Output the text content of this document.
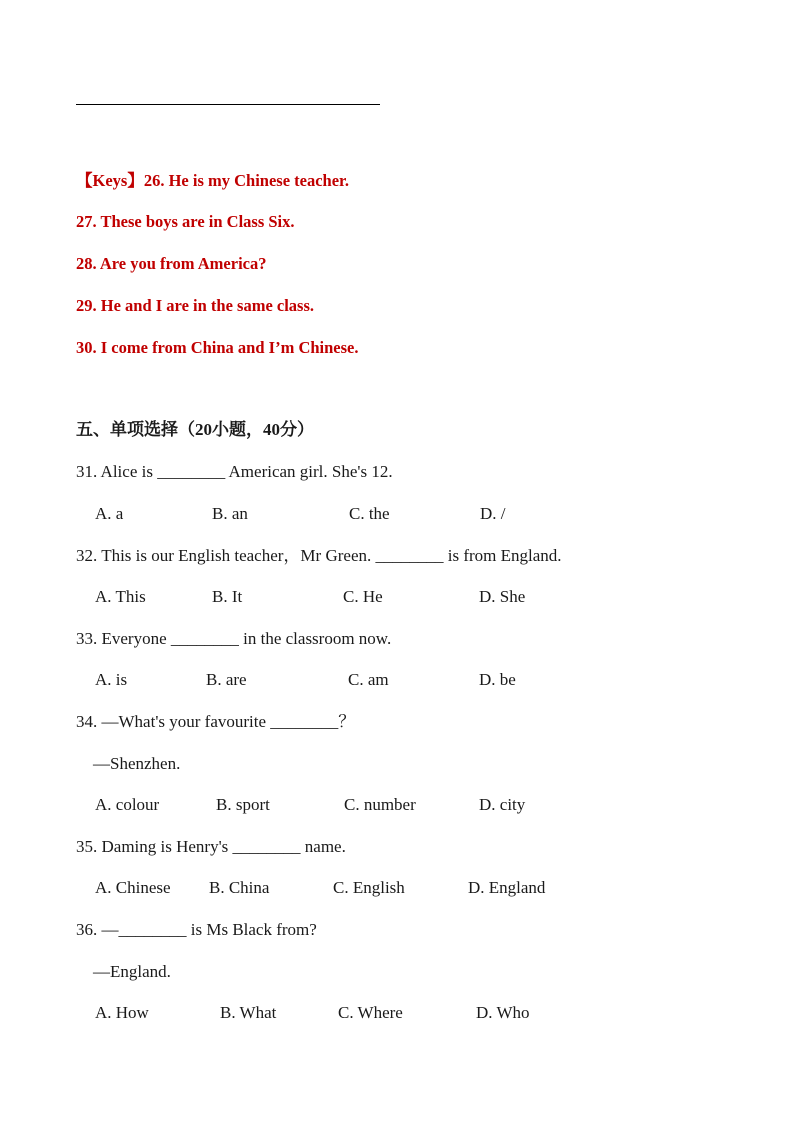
【Keys】26. He is my Chinese teacher.
27. These boys are in Class Six.
28. Are you from America?
29. He and I are in the same class.
30. I come from China and I’m Chinese.
五、单项选择（20小题，40分）
31. Alice is ________ American girl. She's 12.
A. a	B. an	C. the	D. /
32. This is our English teacher，Mr Green. ________ is from England.
A. This	B. It	C. He	D. She
33. Everyone ________ in the classroom now.
A. is	B. are	C. am	D. be
34. —What's your favourite ________？
—Shenzhen.
A. colour	B. sport	C. number	D. city
35. Daming is Henry's ________ name.
A. Chinese B. China	C. English	D. England
36. —________ is Ms Black from?
—England.
A. How	B. What	C. Where	D. Who
